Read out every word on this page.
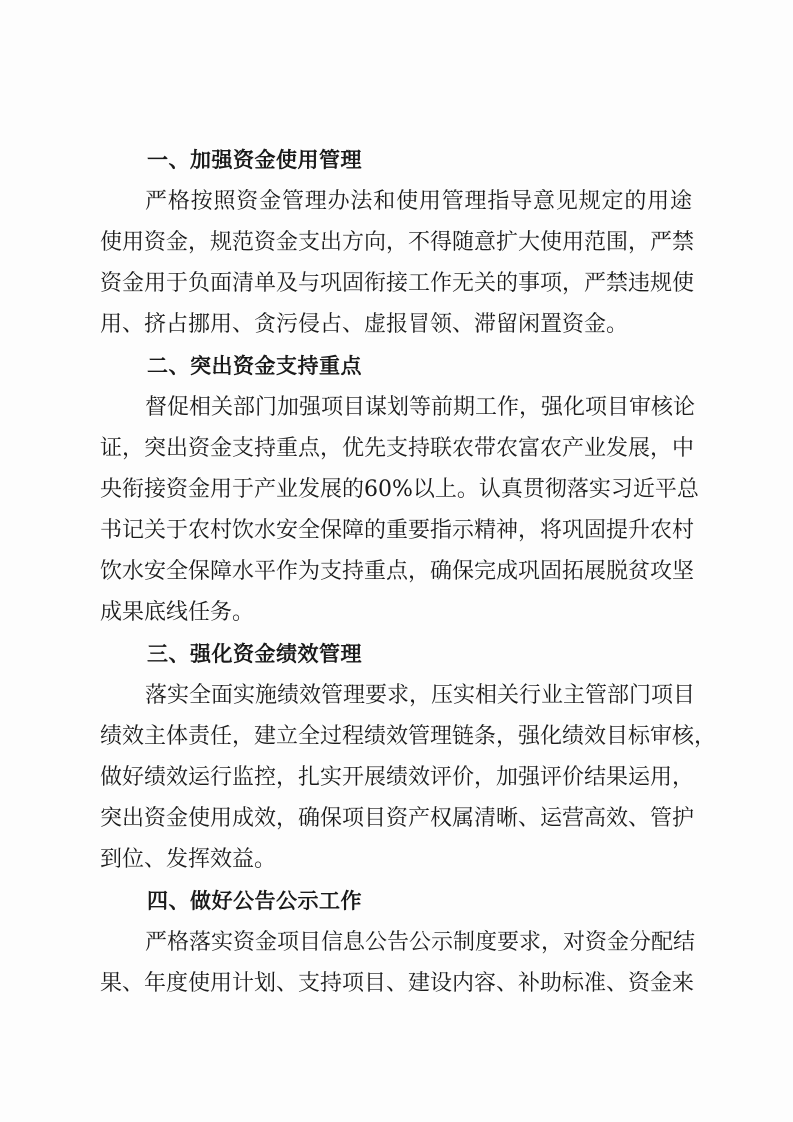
一、加强资金使用管理
严格按照资金管理办法和使用管理指导意见规定的用途
使用资金，规范资金支出方向，不得随意扩大使用范围，严禁
资金用于负面清单及与巩固衔接工作无关的事项，严禁违规使
用、挤占挪用、贪污侵占、虚报冒领、滞留闲置资金。
二、突出资金支持重点
督促相关部门加强项目谋划等前期工作，强化项目审核论
证，突出资金支持重点，优先支持联农带农富农产业发展，中
央衔接资金用于产业发展的60%以上。认真贯彻落实习近平总
书记关于农村饮水安全保障的重要指示精神，将巩固提升农村
饮水安全保障水平作为支持重点，确保完成巩固拓展脱贫攻坚
成果底线任务。
三、强化资金绩效管理
落实全面实施绩效管理要求，压实相关行业主管部门项目
绩效主体责任，建立全过程绩效管理链条，强化绩效目标审核，
做好绩效运行监控，扎实开展绩效评价，加强评价结果运用，
突出资金使用成效，确保项目资产权属清晰、运营高效、管护
到位、发挥效益。
四、做好公告公示工作
严格落实资金项目信息公告公示制度要求，对资金分配结
果、年度使用计划、支持项目、建设内容、补助标准、资金来
